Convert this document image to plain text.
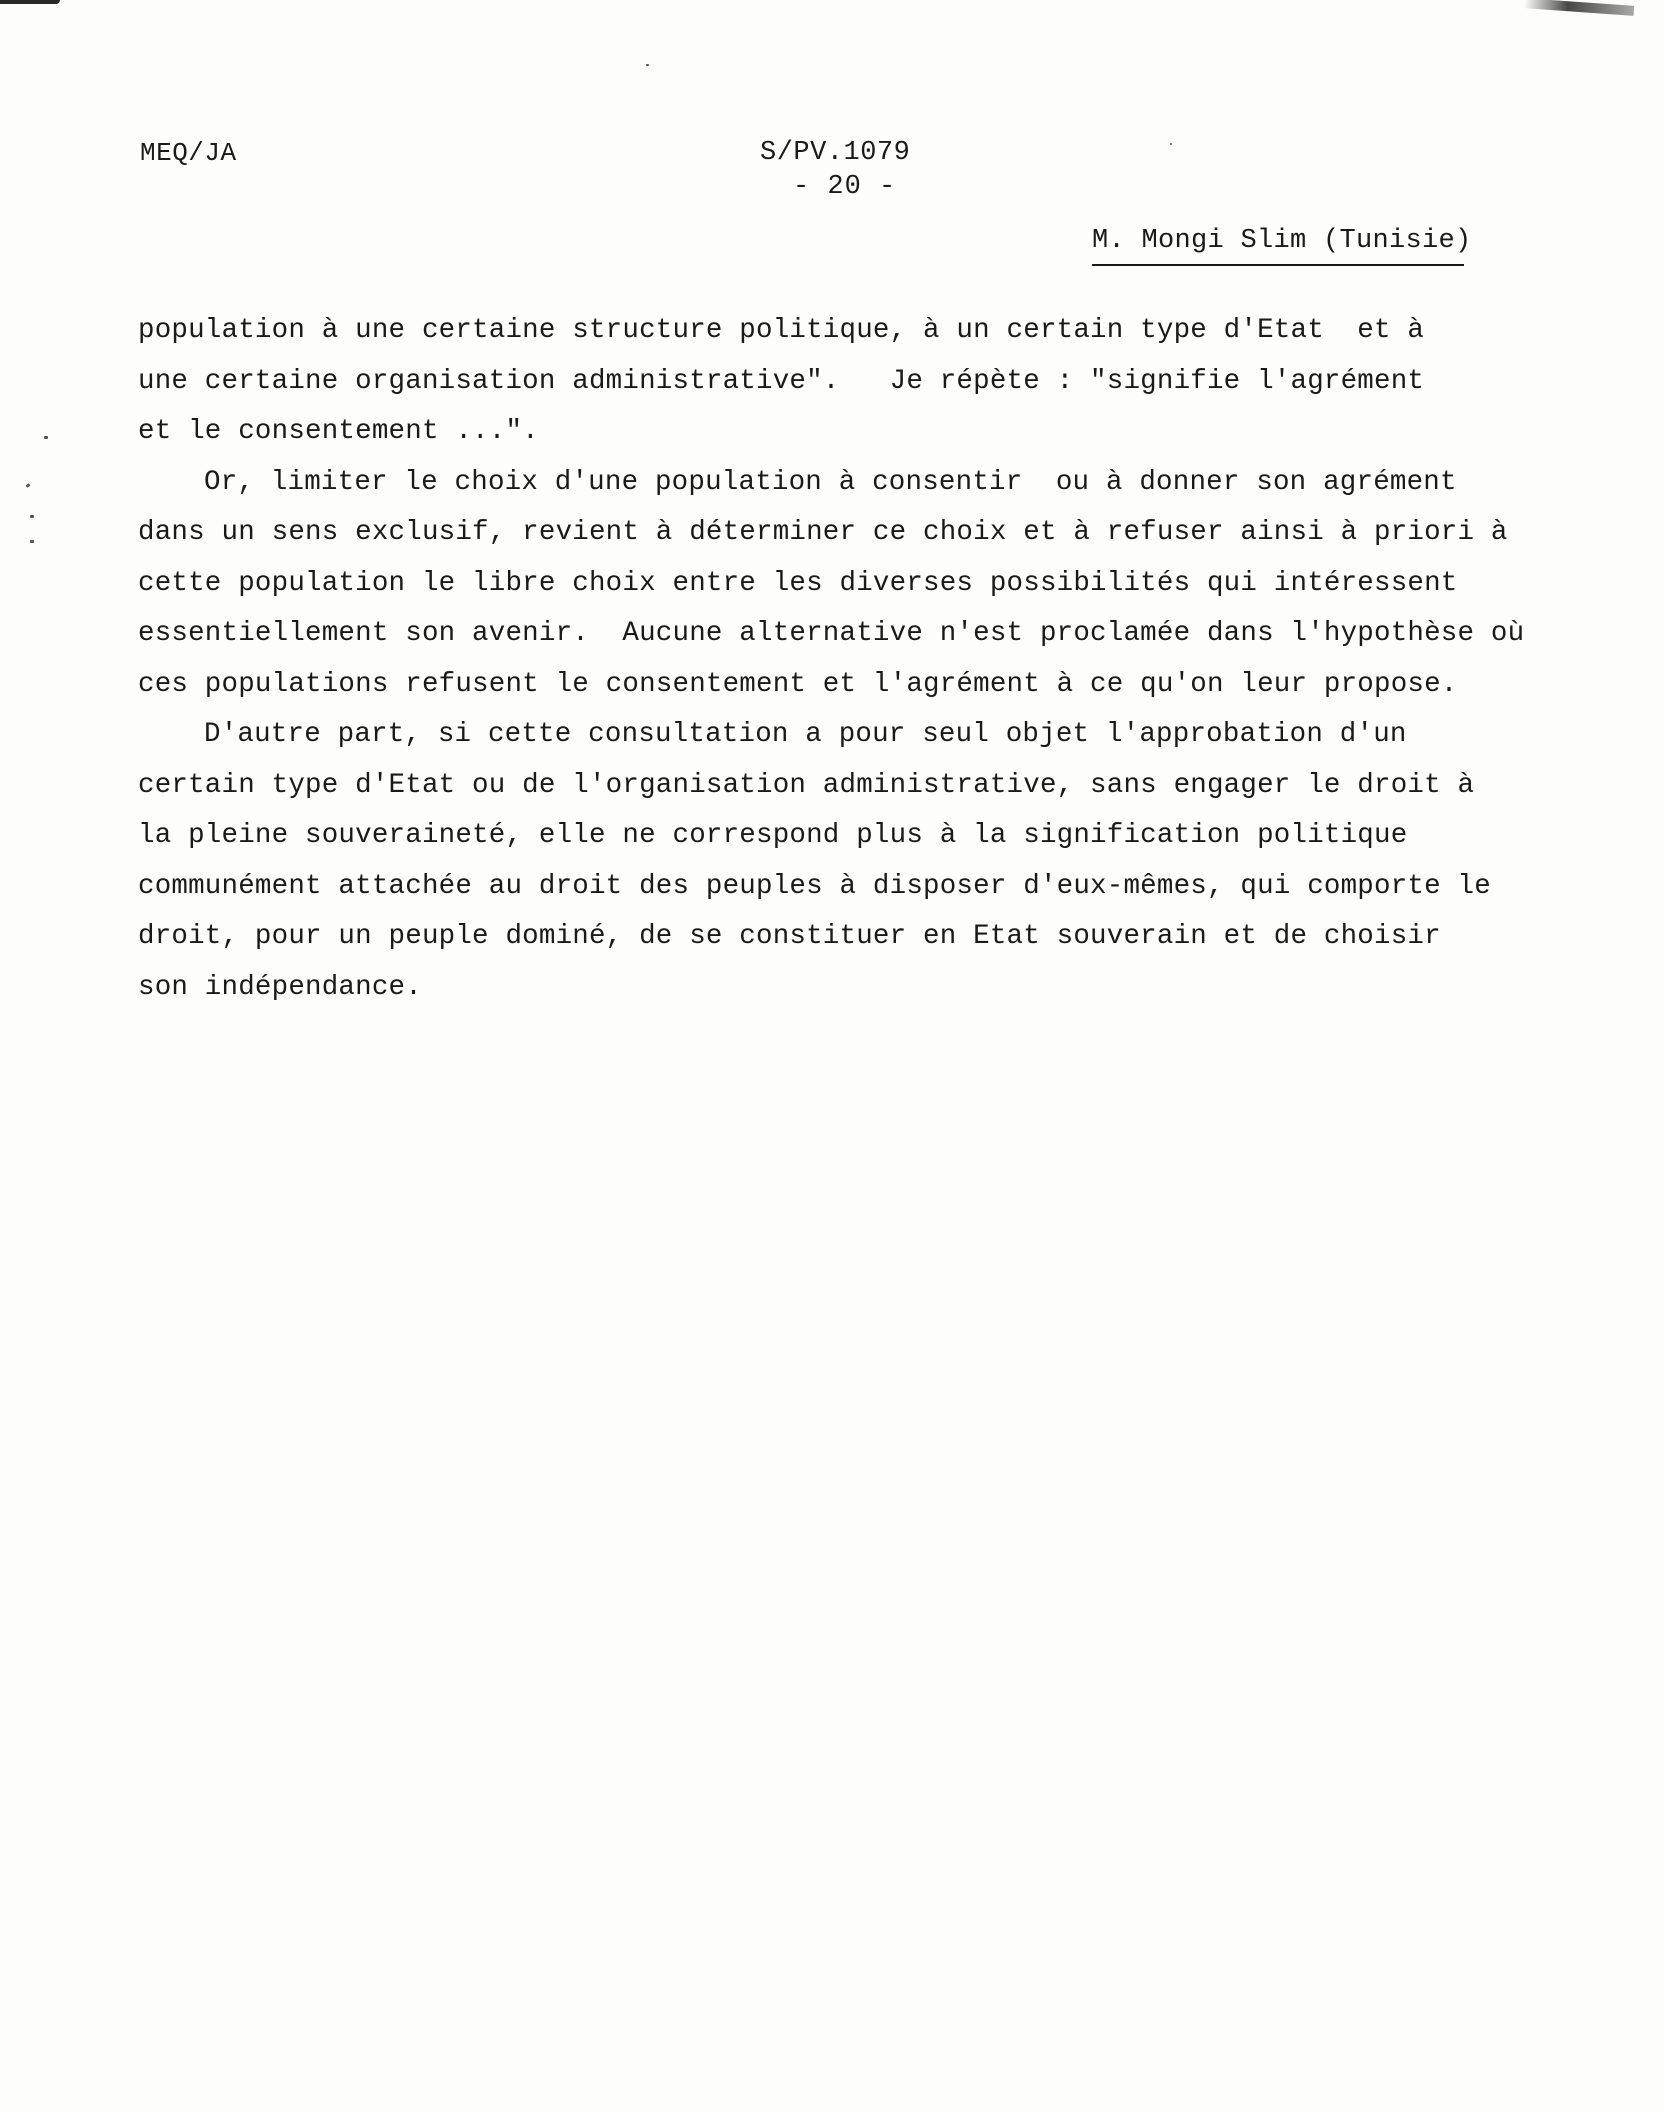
MEQ/JA	S/PV.1079
- 20 -
M. Mongi Slim (Tunisie)
population à une certaine structure politique, à un certain type d'Etat  et à
une certaine organisation administrative".   Je répète : "signifie l'agrément
et le consentement ...".
Or, limiter le choix d'une population à consentir  ou à donner son agrément
dans un sens exclusif, revient à déterminer ce choix et à refuser ainsi à priori à
cette population le libre choix entre les diverses possibilités qui intéressent
essentiellement son avenir.  Aucune alternative n'est proclamée dans l'hypothèse où
ces populations refusent le consentement et l'agrément à ce qu'on leur propose.
D'autre part, si cette consultation a pour seul objet l'approbation d'un
certain type d'Etat ou de l'organisation administrative, sans engager le droit à
la pleine souveraineté, elle ne correspond plus à la signification politique
communément attachée au droit des peuples à disposer d'eux-mêmes, qui comporte le
droit, pour un peuple dominé, de se constituer en Etat souverain et de choisir
son indépendance.
